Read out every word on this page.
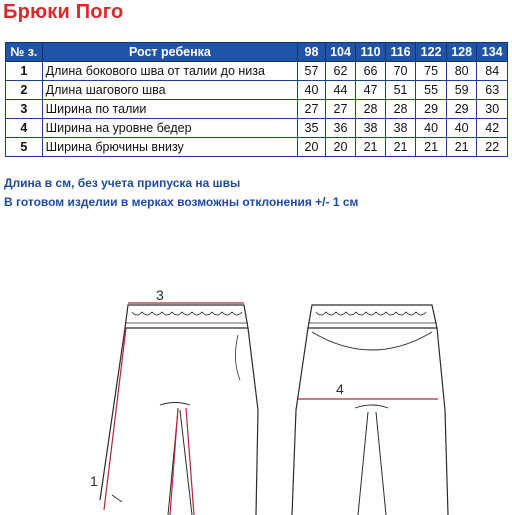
Брюки Пого
№ з.	Рост ребенка	98	104	110	116	122	128	134
1	Длина бокового шва от талии до низа	57	62	66	70	75	80	84
2	Длина шагового шва	40	44	47	51	55	59	63
3	Ширина по талии	27	27	28	28	29	29	30
4	Ширина на уровне бедер	35	36	38	38	40	40	42
5	Ширина брючины внизу	20	20	21	21	21	21	22

Длина в см, без учета припуска на швы

В готовом изделии в мерках возможны отклонения +/- 1 см

3
4
1
